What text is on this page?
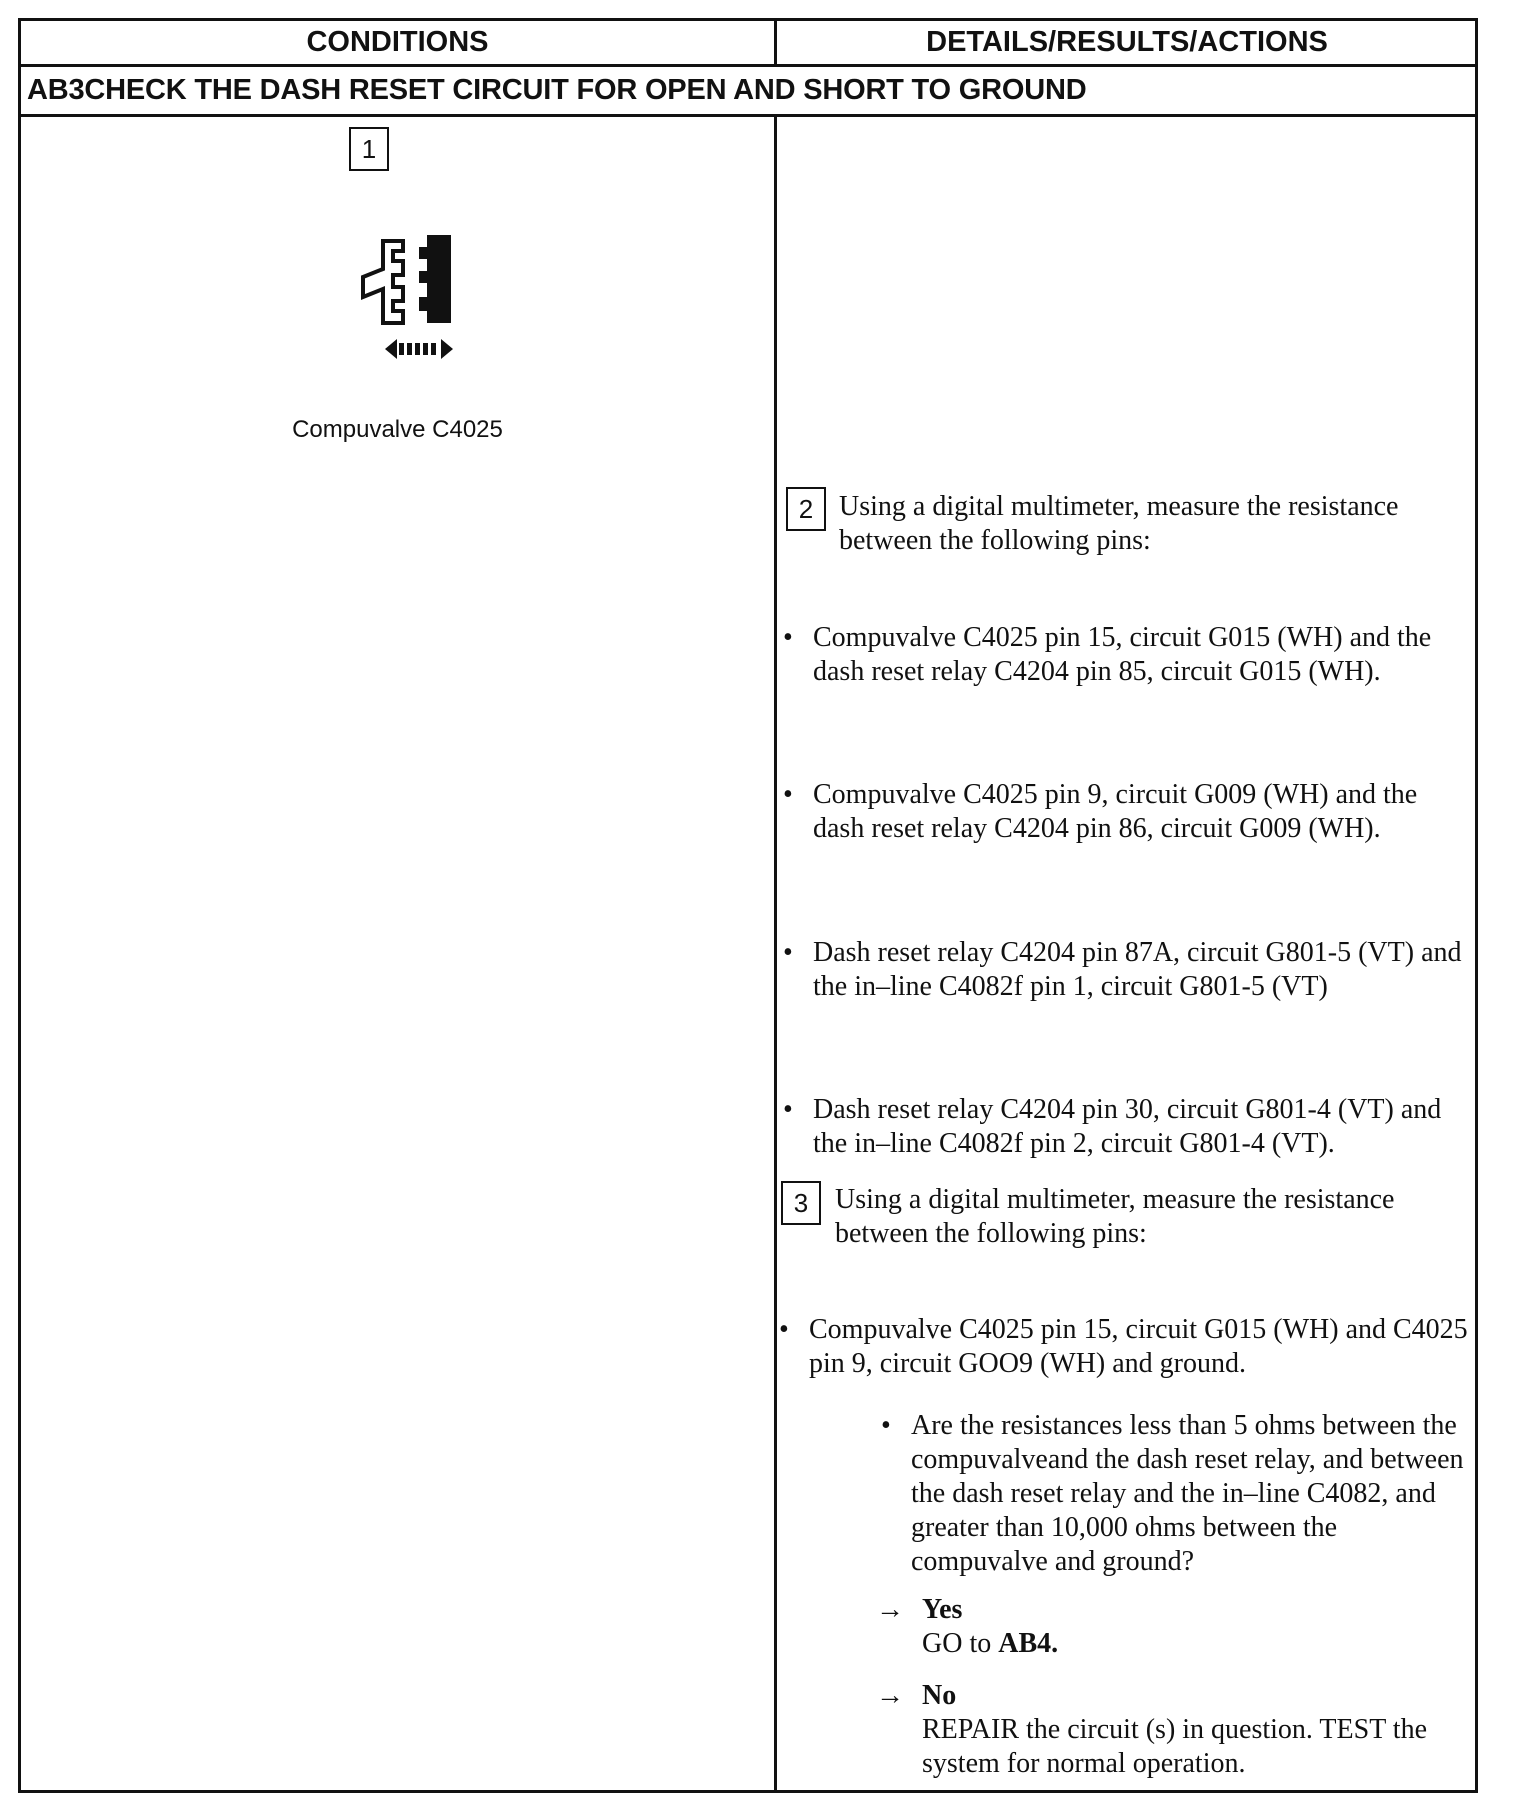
CONDITIONS	DETAILS/RESULTS/ACTIONS
AB3CHECK THE DASH RESET CIRCUIT FOR OPEN AND SHORT TO GROUND
1
Compuvalve C4025
2 Using a digital multimeter, measure the resistance between the following pins:
• Compuvalve C4025 pin 15, circuit G015 (WH) and the dash reset relay C4204 pin 85, circuit G015 (WH).
• Compuvalve C4025 pin 9, circuit G009 (WH) and the dash reset relay C4204 pin 86, circuit G009 (WH).
• Dash reset relay C4204 pin 87A, circuit G801-5 (VT) and the in–line C4082f pin 1, circuit G801-5 (VT)
• Dash reset relay C4204 pin 30, circuit G801-4 (VT) and the in–line C4082f pin 2, circuit G801-4 (VT).
3 Using a digital multimeter, measure the resistance between the following pins:
• Compuvalve C4025 pin 15, circuit G015 (WH) and C4025 pin 9, circuit GOO9 (WH) and ground.
• Are the resistances less than 5 ohms between the compuvalveand the dash reset relay, and between the dash reset relay and the in–line C4082, and greater than 10,000 ohms between the compuvalve and ground?
→ Yes
GO to AB4.
→ No
REPAIR the circuit (s) in question. TEST the system for normal operation.
